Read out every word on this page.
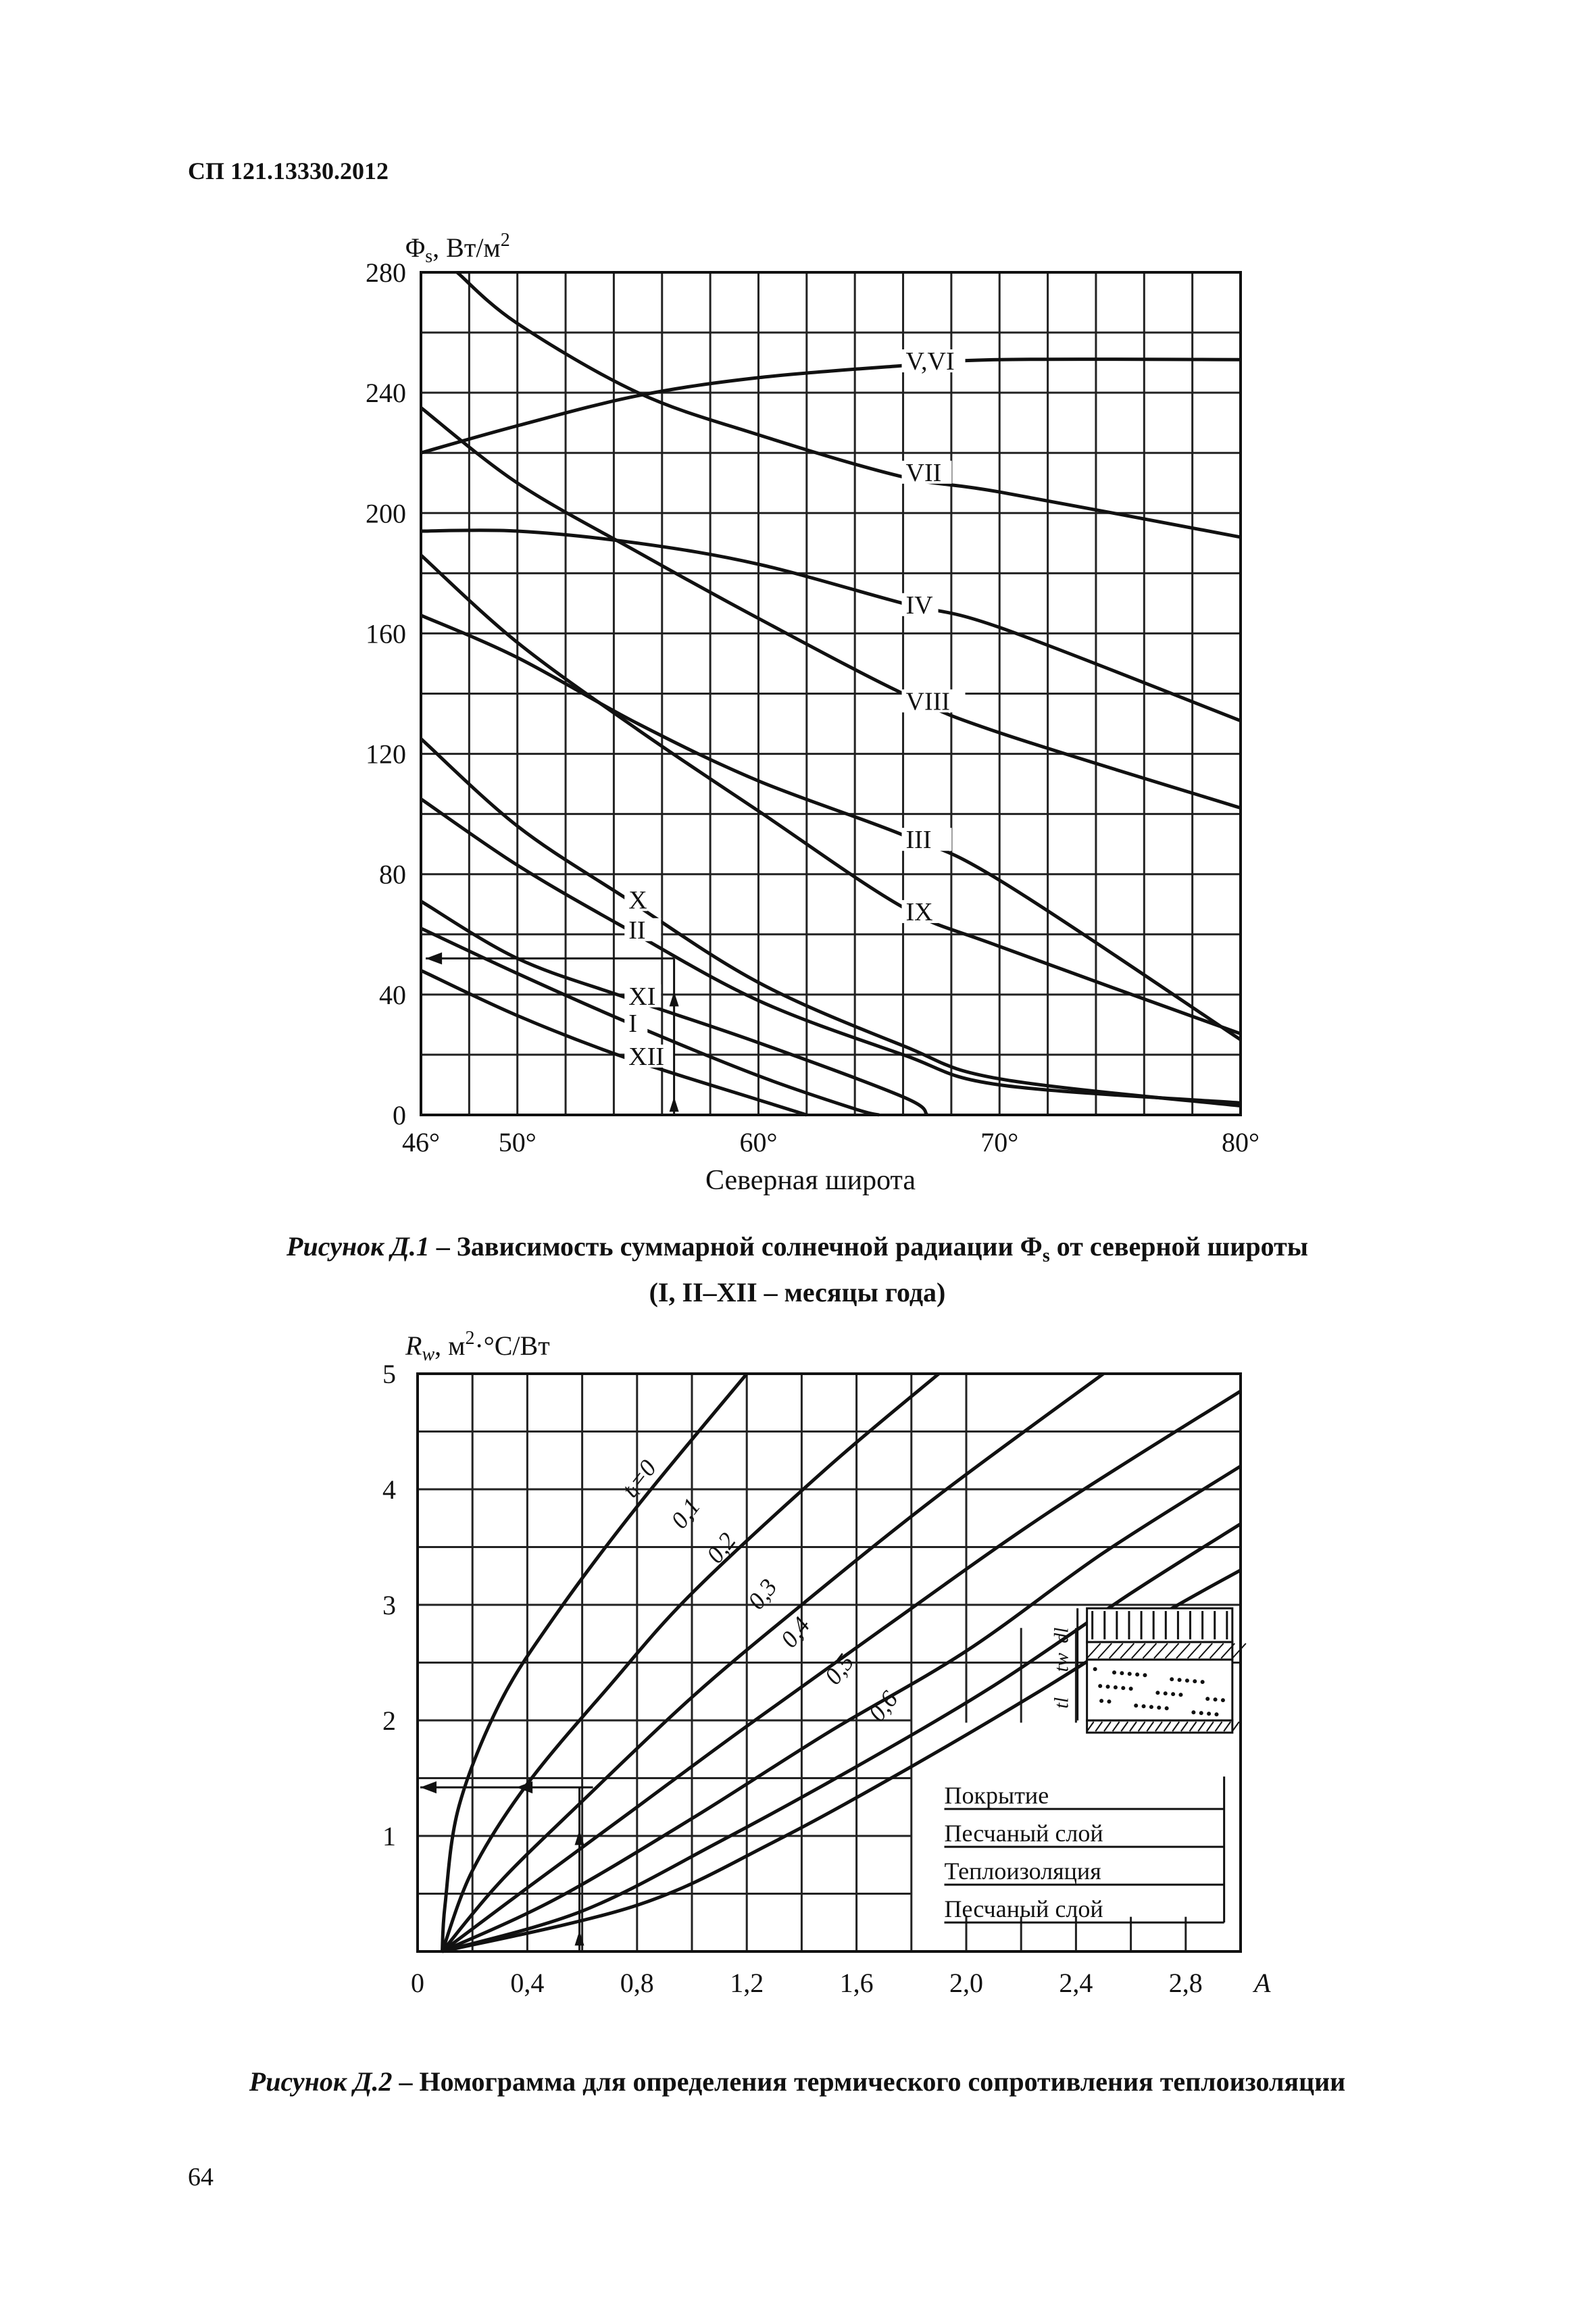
СП 121.13330.2012
0
40
80
120
160
200
240
280
46° 50°	60°	70°	80°
Северная широта
$\Phi_s$, $Вт/м^2$
V,VI
VII
IV
VIII
III
IX
X
II
XI
I
XII
1
2
3
4
5
0	0,4	0,8	1,2	1,6	2,0	2,4	2,8 A
$R_w$, $м^2\cdot^\circ С/Вт$
tᵢ=0
0,1
0,2
0,3
0,4
0,5
0,6
dl
tw
tl
Покрытие
Песчаный слой
Теплоизоляция
Песчаный слой
Рисунок Д.1 – Зависимость суммарной солнечной радиации $\Phi_s$ от северной широты
(I, II–XII – месяцы года)
Рисунок Д.2 – Номограмма для определения термического сопротивления теплоизоляции
64
